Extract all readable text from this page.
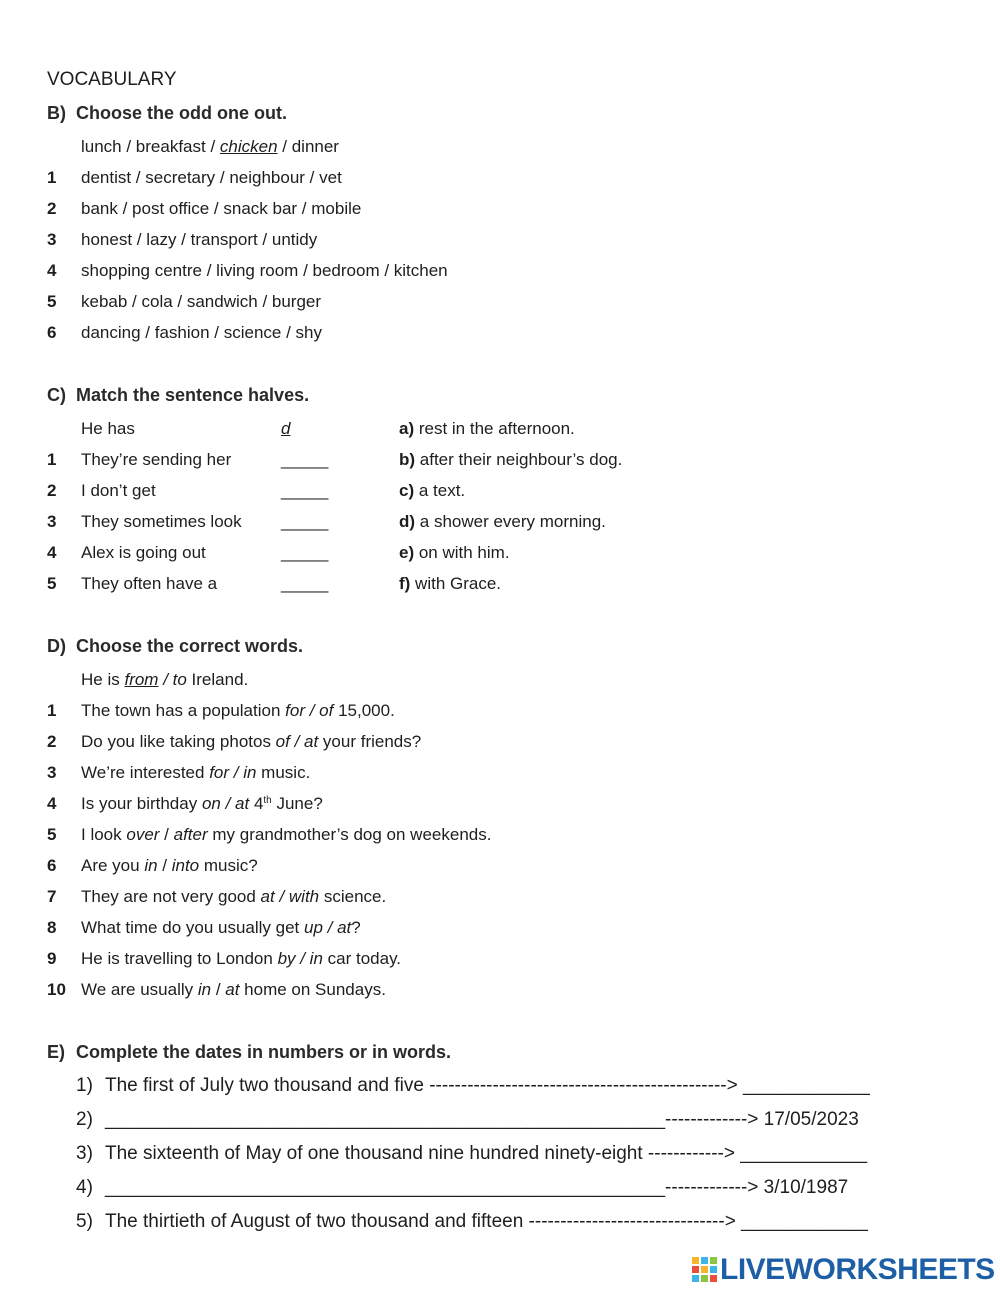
VOCABULARY
B) Choose the odd one out.
lunch / breakfast / chicken / dinner
1 dentist / secretary / neighbour / vet
2 bank / post office / snack bar / mobile
3 honest / lazy / transport / untidy
4 shopping centre / living room / bedroom / kitchen
5 kebab / cola / sandwich / burger
6 dancing / fashion / science / shy
C) Match the sentence halves.
He has	d	a) rest in the afternoon.
1 They’re sending her	_____	b) after their neighbour’s dog.
2 I don’t get	_____	c) a text.
3 They sometimes look _____	d) a shower every morning.
4 Alex is going out	_____	e) on with him.
5 They often have a	_____	f) with Grace.
D) Choose the correct words.
He is from / to Ireland.
1 The town has a population for / of 15,000.
2 Do you like taking photos of / at your friends?
3 We’re interested for / in music.
4 Is your birthday on / at 4th June?
5 I look over / after my grandmother’s dog on weekends.
6 Are you in / into music?
7 They are not very good at / with science.
8 What time do you usually get up / at?
9 He is travelling to London by / in car today.
10 We are usually in / at home on Sundays.
E) Complete the dates in numbers or in words.
1) The first of July two thousand and five -----------------------------------------------> ____________
2) _____________________________________________________-------------> 17/05/2023
3) The sixteenth of May of one thousand nine hundred ninety-eight ------------> ____________
4) _____________________________________________________-------------> 3/10/1987
5) The thirtieth of August of two thousand and fifteen -------------------------------> ____________
LIVEWORKSHEETS
